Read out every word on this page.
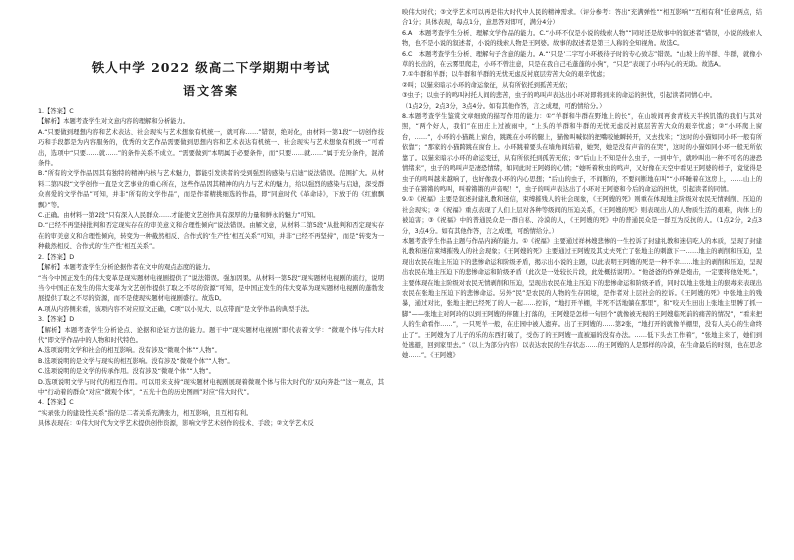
铁人中学 2022 级高二下学期期中考试
语文答案

1.【答案】C

【解析】本题考查学生对文意内容的理解和分析能力。

A.“只要做到理想内容和艺术表达、社会现实与艺术想象有机统一，就可称……”错误，绝对化，由材料一第1段“一切创作技巧和手段都是为内容服务的，优秀的文艺作品需要做到思想内容和艺术表达有机统一、社会现实与艺术想象有机统一”可看出，选项中“只要……就……”的条件关系不成立。“需要做到”本明属于必要条件，而“只要……就……”属于充分条件，混淆条件。

B.“所有的文学作品因其有独特的精神内核与艺术魅力，都能引发读者的受到强烈的感染与启迪”说法错误。范围扩大。从材料二第四段“文学创作一直是文艺事业的重心所在，这些作品因其精神的内力与艺术的魅力，给以强烈的感染与启迪，深受群众喜爱的文学作品”可知，并非“所有的文学作品”，而是作者精挑细选的作品，即“同意时代《革命诗》，下放于的《红旗飘飘》”等。

C.正确。由材料一第2段“只有深入人民群众……才能使文艺创作具有深厚的力量和鲜永的魅力”可知。

D.“已经不再坚持批判和否定现实存在的审美意义和合理性倾向”说法错误。由解文意，从材料二第5段“从批判和否定现实存在的审美意义和合理性倾向，转变为一种截然相反、合作式的‘生产性’相互关系”可知，并非“已经不再坚持”，而是“转变为一种截然相反、合作式的‘生产性’相互关系”。

2.【答案】D

【解析】本题考查学生分析论据作者在文中的观点态度的能力。

“当今中国正发生的伟大变革是现实题材电视剧提供了”说法错误。强加因果。从材料一第5段“现实题材电视剧的流行，说明当今中国正在发生的伟大变革为文艺创作提供了取之不尽的资源”可知，是中国正发生的伟大变革为现实题材电视剧的蓬勃发展提供了取之不尽的资源，而不是使现实题材电视剧盛行。故选D。

A.项从内容侧来看，该项内容不对应原文正确，C项“以小见大、以点带面”是文学作品的典型手法。

3.【答案】D

【解析】本题考查学生分析论点、论据和论证方法的能力。题干中“现实题材电视剧”即代表着文学：“微观个体与伟大时代”即文学作品中的人物和时代特色。

A.选项说明文学和社会的相互影响。没有涉及“微观个体”“人物”。

B.选项说明的是文学与现实的相互影响。没有涉及“微观个体”“人物”。

C.选项说明的是文学的传承作用。没有涉及“微观个体”“人物”。

D.选项说明文学与时代的相互作用。可以用来支持“现实题材电视剧展现着微观个体与伟大时代的‘双向奔赴’”这一观点，其中“行动着的群众”对应“微观个体”，“五光十色的历史图画”对应“伟大时代”。

4.【答案】C

“实录张力的建设性关系”指的是二者关系充满张力，相互影响，且互相有利。

具体表现在：①伟大时代为文学艺术提供创作资源，影响文学艺术创作的技术、手段；②文学艺术反

映伟大时代；③文学艺术可以再是伟大时代中人民的精神需求。（评分参考：答出“充满弹性”“相互影响”“互相有利”任意两点，结合1分；具体表现，每点1分，意思答对即可，满分4分）

6.A　本题考查学生分析、理解文学作品的能力。C.“小环不仅是小说的线索人物”“同时还是故事中的叙述者”错误，小说的线索人物，也不是小说的叙述者，小说的线索人物是王阿婆。故事的叙述者是第三人称的全知视角。故选C。

6.C　本题考查学生分析、理解句子含意的能力。A.“‘只是’二字写小环极待子时的专心致志”错误。“山坡上的羊群、牛群，就像小草的长出的，在云雾里爬走，小环不曾注意，只是在我自己毛蓬蓬的小狗”，“只是”表现了小环内心的无助。故选A。

7.①牛群和羊群；以牛群和羊群的无忧无虑反衬底层劳苦大众的艰辛忧虑；

②叫；以猫来暗示小环的命运象征，从有所依托到孤苦无依；

③虫子；以虫子的鸣叫衬托人间的悲苦，虫子的鸣叫声表达出小环对即将到来的命运的担忧，引起读者同情心中。

（1点2分，2点3分，3点4分。如有其他作答，言之成理，可酌情给分。）

8.本题考查学生鉴赏文章细致的描写作用的能力：①“羊群和牛群在野地上的长”，在山坡间再食青枝天半挨饥饿的我们与其对照，“两个好人，我们”在田庄上过被雨中，“上头的羊群和牛群的无忧无虑反衬底层苦苦大众的艰辛忧虑；②“小环爬上窗台，……”，小环的小猫跳上窗台，跳跳在小环的腿上，猫像叫喊似的把嘴咬她瞬转开，又去找米；“这时的小猫如同小环一般有所依靠”；“那家的小猫跨跳在窗台上。小环跳着要头在墙角间结着，她哭，她是没有声音的在哭”，这时的小猫如同小环一般无所依靠了。以猫来暗示小环的命运变迁，从有所依托到孤苦无依；③“后山上不知是什么虫子，一到中午，就吵叫出一种不可名的凄恐情绪来”，虫子的鸣叫声是凄恐情绪，如同此时王阿姆的心情；“她听着秋虫的鸣声，又好像在天空中看见王阿婆的样子，竟觉得是虫子的鸣叫越来越响了，也好像我小环的内心思想；“后山的虫子，不间断的，不要问断地在叫”“小环睡着在这房上，……山上的虫子在锵锵的鸣叫，叫着锵锵的声音呢！”，虫子的叫声表达出了小环对王阿婆和今后的命运的担忧，引起读者的同情。

9.①《祝福》主要是叙述封建礼教和迷信，束缚摧残人的社会现象，《王阿嫂的死》则重在体现地主阶级对农民无情剥削、压迫的社会现实；②《祝福》重点表现了人们上层对各种等级间的压迫关系，《王阿嫂的死》则表现出人的人物质生活的艰难，肉体上的被迫害；③《祝福》中的普通民众是一群自私、冷漠的人，《王阿嫂的死》中的普通民众是一群互为反抗的人。（1点2分，2点3分，3点4分。如有其他作答，言之成理，可酌情给分。）

本题考查学生作品主题与作品内涵的能力。①《祝福》主要通过祥林嫂悲惨的一生控诉了封建礼教和迷信吃人的本质，呈现了封建礼教和迷信束缚摧残人的社会现象；《王阿嫂的死》主要通过王阿嫂及其丈夫死亡了张地主的刺激下一……地主的剥削和压迫，呈现出农民在地主压迫下的悲惨命运和阶级矛盾，揭示出小说的主题，以此表明王阿嫂的死是一种不幸……地主的剥削和压迫，呈现出农民在地主压迫下的悲惨命运和阶级矛盾（此次是一处较长片段，此处概括说明）。“他爸爸的炸弹是炮击，一定要将他处死。”，主要体现在地主阶级对农民无情剥削和压迫，呈现出农民在地主压迫下的悲惨命运和阶级矛盾，同时以地主张地主的狠毒来表现出农民在张地主压迫下的悲惨命运。另外“民”是农民的人物的生存困境，是作者对上层社会的控诉。《王阿嫂的死》中张地主的残暴，通过对比，张地主把已经死了的人一起……控诉，“地打开羊棚，半死不活地躺在那里”，和“咬天生田出上张地主里膊了抓一脚”——张地主对阿玲的以到王阿嫂的伴随上打落的，王阿嫂是怎样一句回个“就像被无视的王阿嫂临死前的痛苦的情况”，“看来把人的生命看作……”，一只死羊一般，在庄园中被人遗弃。出了王阿嫂的……第2张，“地打开的就像羊棚里，没有人关心的生命终止了”。王阿嫂为了儿子的乐的东西打破了，受伤了的王阿嫂一直被逼的没有办法。……低下头去工作着”，“张地主来了，她们到处逃避，回到家里去。”（以上为部分内容）以表达农民的生存状态……的王阿嫂的人是那样的冷漠，在生命最后的时刻，也在思念她……”。《王阿嫂》
